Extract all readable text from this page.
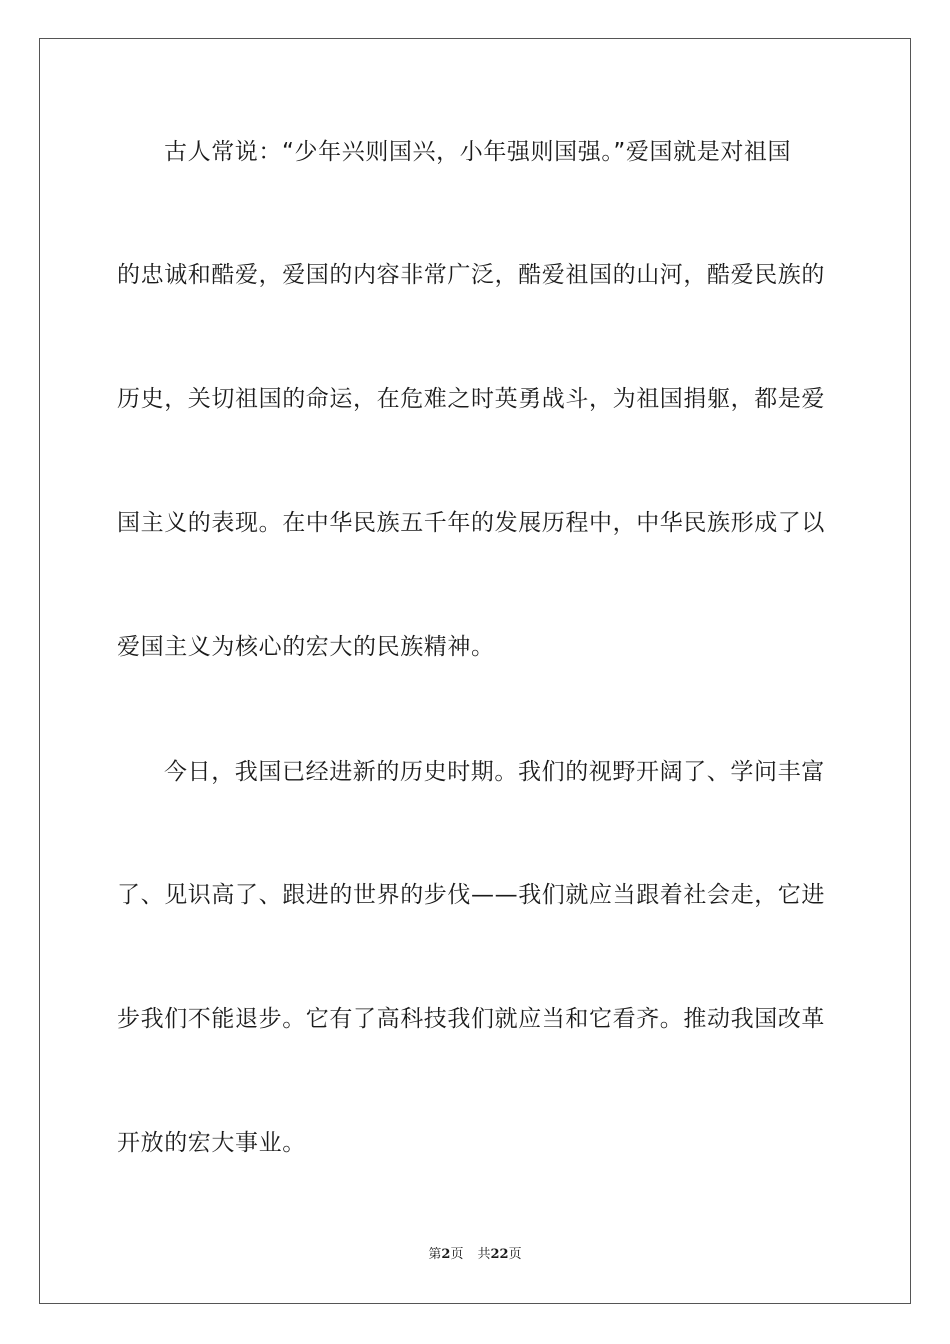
古人常说：“少年兴则国兴，小年强则国强。”爱国就是对祖国
的忠诚和酷爱，爱国的内容非常广泛，酷爱祖国的山河，酷爱民族的
历史，关切祖国的命运，在危难之时英勇战斗，为祖国捐躯，都是爱
国主义的表现。在中华民族五千年的发展历程中，中华民族形成了以
爱国主义为核心的宏大的民族精神。
今日，我国已经进新的历史时期。我们的视野开阔了、学问丰富
了、见识高了、跟进的世界的步伐——我们就应当跟着社会走，它进
步我们不能退步。它有了高科技我们就应当和它看齐。推动我国改革
开放的宏大事业。
第2页 共22页
